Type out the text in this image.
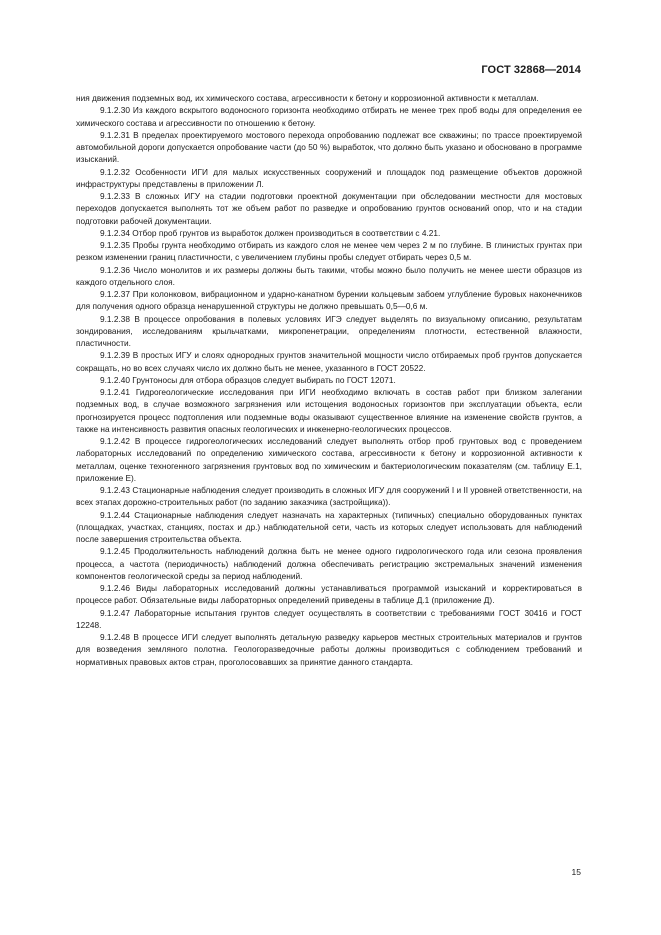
ГОСТ 32868—2014

ния движения подземных вод, их химического состава, агрессивности к бетону и коррозионной активности к металлам.

9.1.2.30 Из каждого вскрытого водоносного горизонта необходимо отбирать не менее трех проб воды для определения ее химического состава и агрессивности по отношению к бетону.

9.1.2.31 В пределах проектируемого мостового перехода опробованию подлежат все скважины; по трассе проектируемой автомобильной дороги допускается опробование части (до 50 %) выработок, что должно быть указано и обосновано в программе изысканий.

9.1.2.32 Особенности ИГИ для малых искусственных сооружений и площадок под размещение объектов дорожной инфраструктуры представлены в приложении Л.

9.1.2.33 В сложных ИГУ на стадии подготовки проектной документации при обследовании местности для мостовых переходов допускается выполнять тот же объем работ по разведке и опробованию грунтов оснований опор, что и на стадии подготовки рабочей документации.

9.1.2.34 Отбор проб грунтов из выработок должен производиться в соответствии с 4.21.

9.1.2.35 Пробы грунта необходимо отбирать из каждого слоя не менее чем через 2 м по глубине. В глинистых грунтах при резком изменении границ пластичности, с увеличением глубины пробы следует отбирать через 0,5 м.

9.1.2.36 Число монолитов и их размеры должны быть такими, чтобы можно было получить не менее шести образцов из каждого отдельного слоя.

9.1.2.37 При колонковом, вибрационном и ударно-канатном бурении кольцевым забоем углубление буровых наконечников для получения одного образца ненарушенной структуры не должно превышать 0,5—0,6 м.

9.1.2.38 В процессе опробования в полевых условиях ИГЭ следует выделять по визуальному описанию, результатам зондирования, исследованиям крыльчатками, микропенетрации, определениям плотности, естественной влажности, пластичности.

9.1.2.39 В простых ИГУ и слоях однородных грунтов значительной мощности число отбираемых проб грунтов допускается сокращать, но во всех случаях число их должно быть не менее, указанного в ГОСТ 20522.

9.1.2.40 Грунтоносы для отбора образцов следует выбирать по ГОСТ 12071.

9.1.2.41 Гидрогеологические исследования при ИГИ необходимо включать в состав работ при близком залегании подземных вод, в случае возможного загрязнения или истощения водоносных горизонтов при эксплуатации объекта, если прогнозируется процесс подтопления или подземные воды оказывают существенное влияние на изменение свойств грунтов, а также на интенсивность развития опасных геологических и инженерно-геологических процессов.

9.1.2.42 В процессе гидрогеологических исследований следует выполнять отбор проб грунтовых вод с проведением лабораторных исследований по определению химического состава, агрессивности к бетону и коррозионной активности к металлам, оценке техногенного загрязнения грунтовых вод по химическим и бактериологическим показателям (см. таблицу Е.1, приложение Е).

9.1.2.43 Стационарные наблюдения следует производить в сложных ИГУ для сооружений I и II уровней ответственности, на всех этапах дорожно-строительных работ (по заданию заказчика (застройщика)).

9.1.2.44 Стационарные наблюдения следует назначать на характерных (типичных) специально оборудованных пунктах (площадках, участках, станциях, постах и др.) наблюдательной сети, часть из которых следует использовать для наблюдений после завершения строительства объекта.

9.1.2.45 Продолжительность наблюдений должна быть не менее одного гидрологического года или сезона проявления процесса, а частота (периодичность) наблюдений должна обеспечивать регистрацию экстремальных значений изменения компонентов геологической среды за период наблюдений.

9.1.2.46 Виды лабораторных исследований должны устанавливаться программой изысканий и корректироваться в процессе работ. Обязательные виды лабораторных определений приведены в таблице Д.1 (приложение Д).

9.1.2.47 Лабораторные испытания грунтов следует осуществлять в соответствии с требованиями ГОСТ 30416 и ГОСТ 12248.

9.1.2.48 В процессе ИГИ следует выполнять детальную разведку карьеров местных строительных материалов и грунтов для возведения земляного полотна. Геологоразведочные работы должны производиться с соблюдением требований и нормативных правовых актов стран, проголосовавших за принятие данного стандарта.

15
